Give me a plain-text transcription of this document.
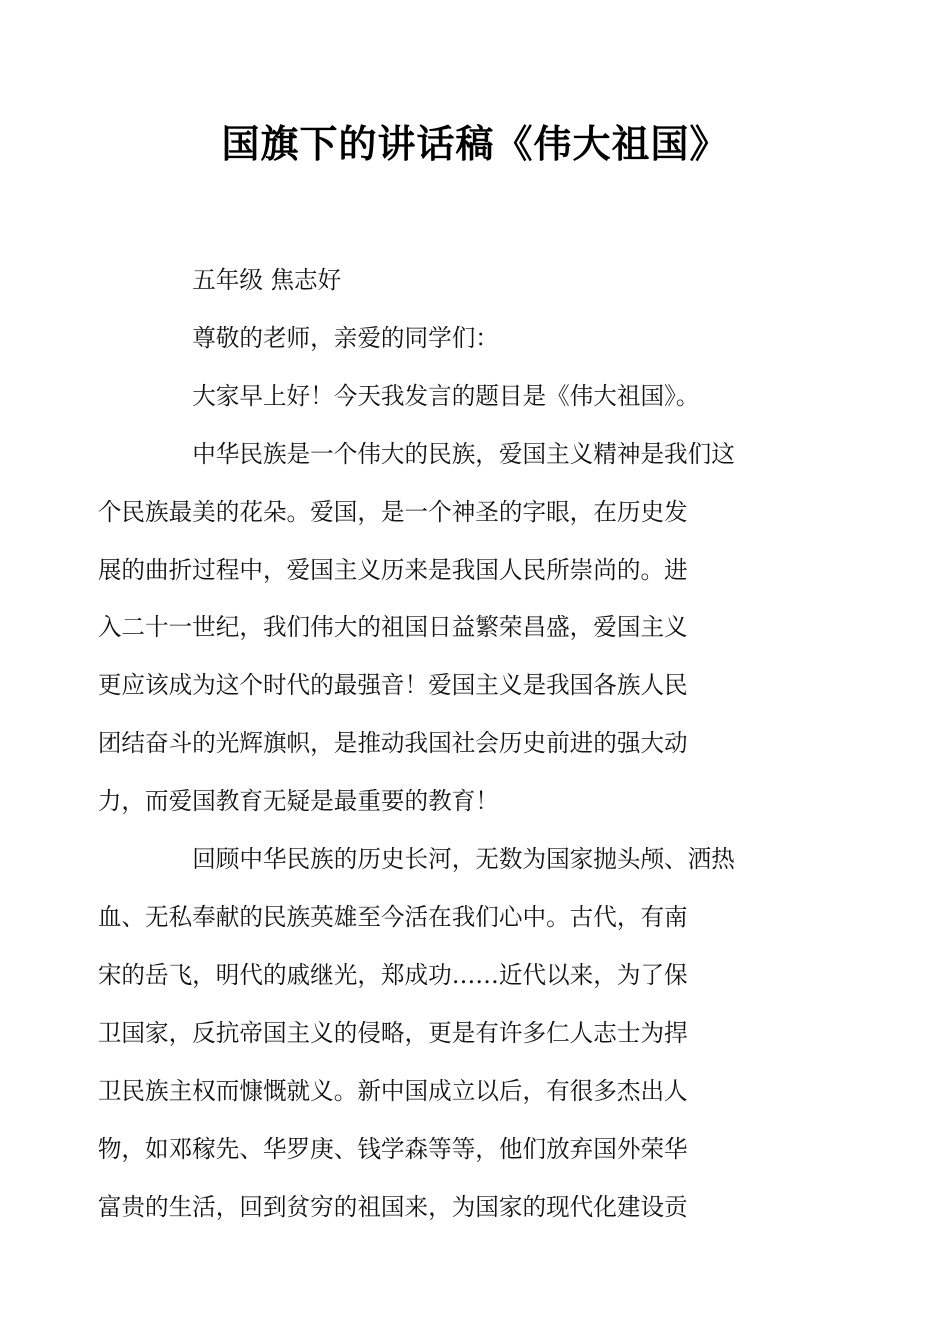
国旗下的讲话稿《伟大祖国》

五年级 焦志好

尊敬的老师，亲爱的同学们：

大家早上好！今天我发言的题目是《伟大祖国》。

中华民族是一个伟大的民族，爱国主义精神是我们这
个民族最美的花朵。爱国，是一个神圣的字眼，在历史发
展的曲折过程中，爱国主义历来是我国人民所崇尚的。进
入二十一世纪，我们伟大的祖国日益繁荣昌盛，爱国主义
更应该成为这个时代的最强音！爱国主义是我国各族人民
团结奋斗的光辉旗帜，是推动我国社会历史前进的强大动
力，而爱国教育无疑是最重要的教育！

回顾中华民族的历史长河，无数为国家抛头颅、洒热
血、无私奉献的民族英雄至今活在我们心中。古代，有南
宋的岳飞，明代的戚继光，郑成功……近代以来，为了保
卫国家，反抗帝国主义的侵略，更是有许多仁人志士为捍
卫民族主权而慷慨就义。新中国成立以后，有很多杰出人
物，如邓稼先、华罗庚、钱学森等等，他们放弃国外荣华
富贵的生活，回到贫穷的祖国来，为国家的现代化建设贡
